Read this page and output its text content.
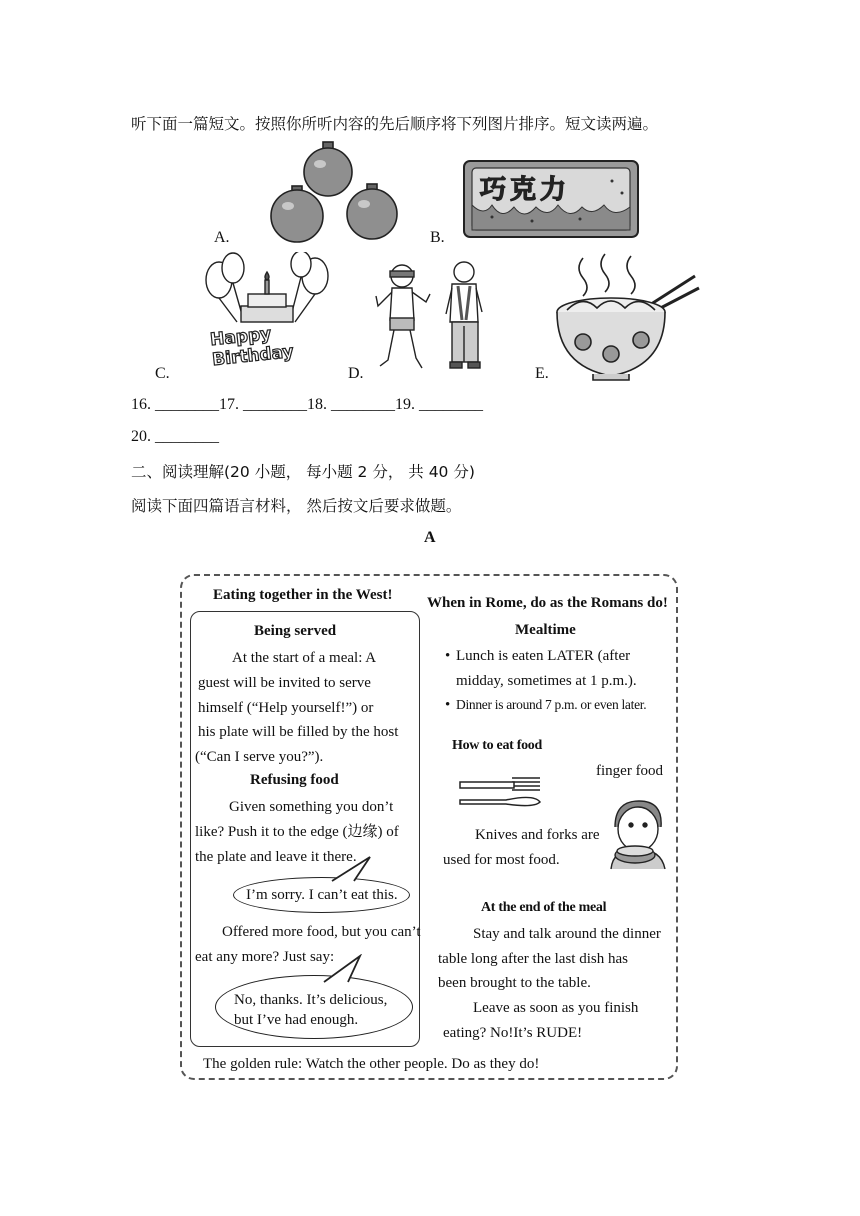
听下面一篇短文。按照你所听内容的先后顺序将下列图片排序。短文读两遍。
A.	B.
巧克力
C.
Happy Birthday
D.	E.
16. ________17. ________18. ________19. ________
20. ________
二、阅读理解(20 小题， 每小题 2 分， 共 40 分)
阅读下面四篇语言材料， 然后按文后要求做题。
A
Eating together in the West!
Being served
At the start of a meal: A
guest will be invited to serve
himself (“Help yourself!”) or
his plate will be filled by the host
(“Can I serve you?”).
Refusing food
Given something you don’t
like? Push it to the edge (边缘) of
the plate and leave it there.
I’m sorry. I can’t eat this.
Offered more food, but you can’t
eat any more? Just say:
No, thanks. It’s delicious,
but I’ve had enough.
When in Rome, do as the Romans do!
Mealtime
• Lunch is eaten LATER (after
midday, sometimes at 1 p.m.).
• Dinner is around 7 p.m. or even later.
How to eat food
finger food
Knives and forks are
used for most food.
At the end of the meal
Stay and talk around the dinner
table long after the last dish has
been brought to the table.
Leave as soon as you finish
eating? No!It’s RUDE!
The golden rule: Watch the other people. Do as they do!
